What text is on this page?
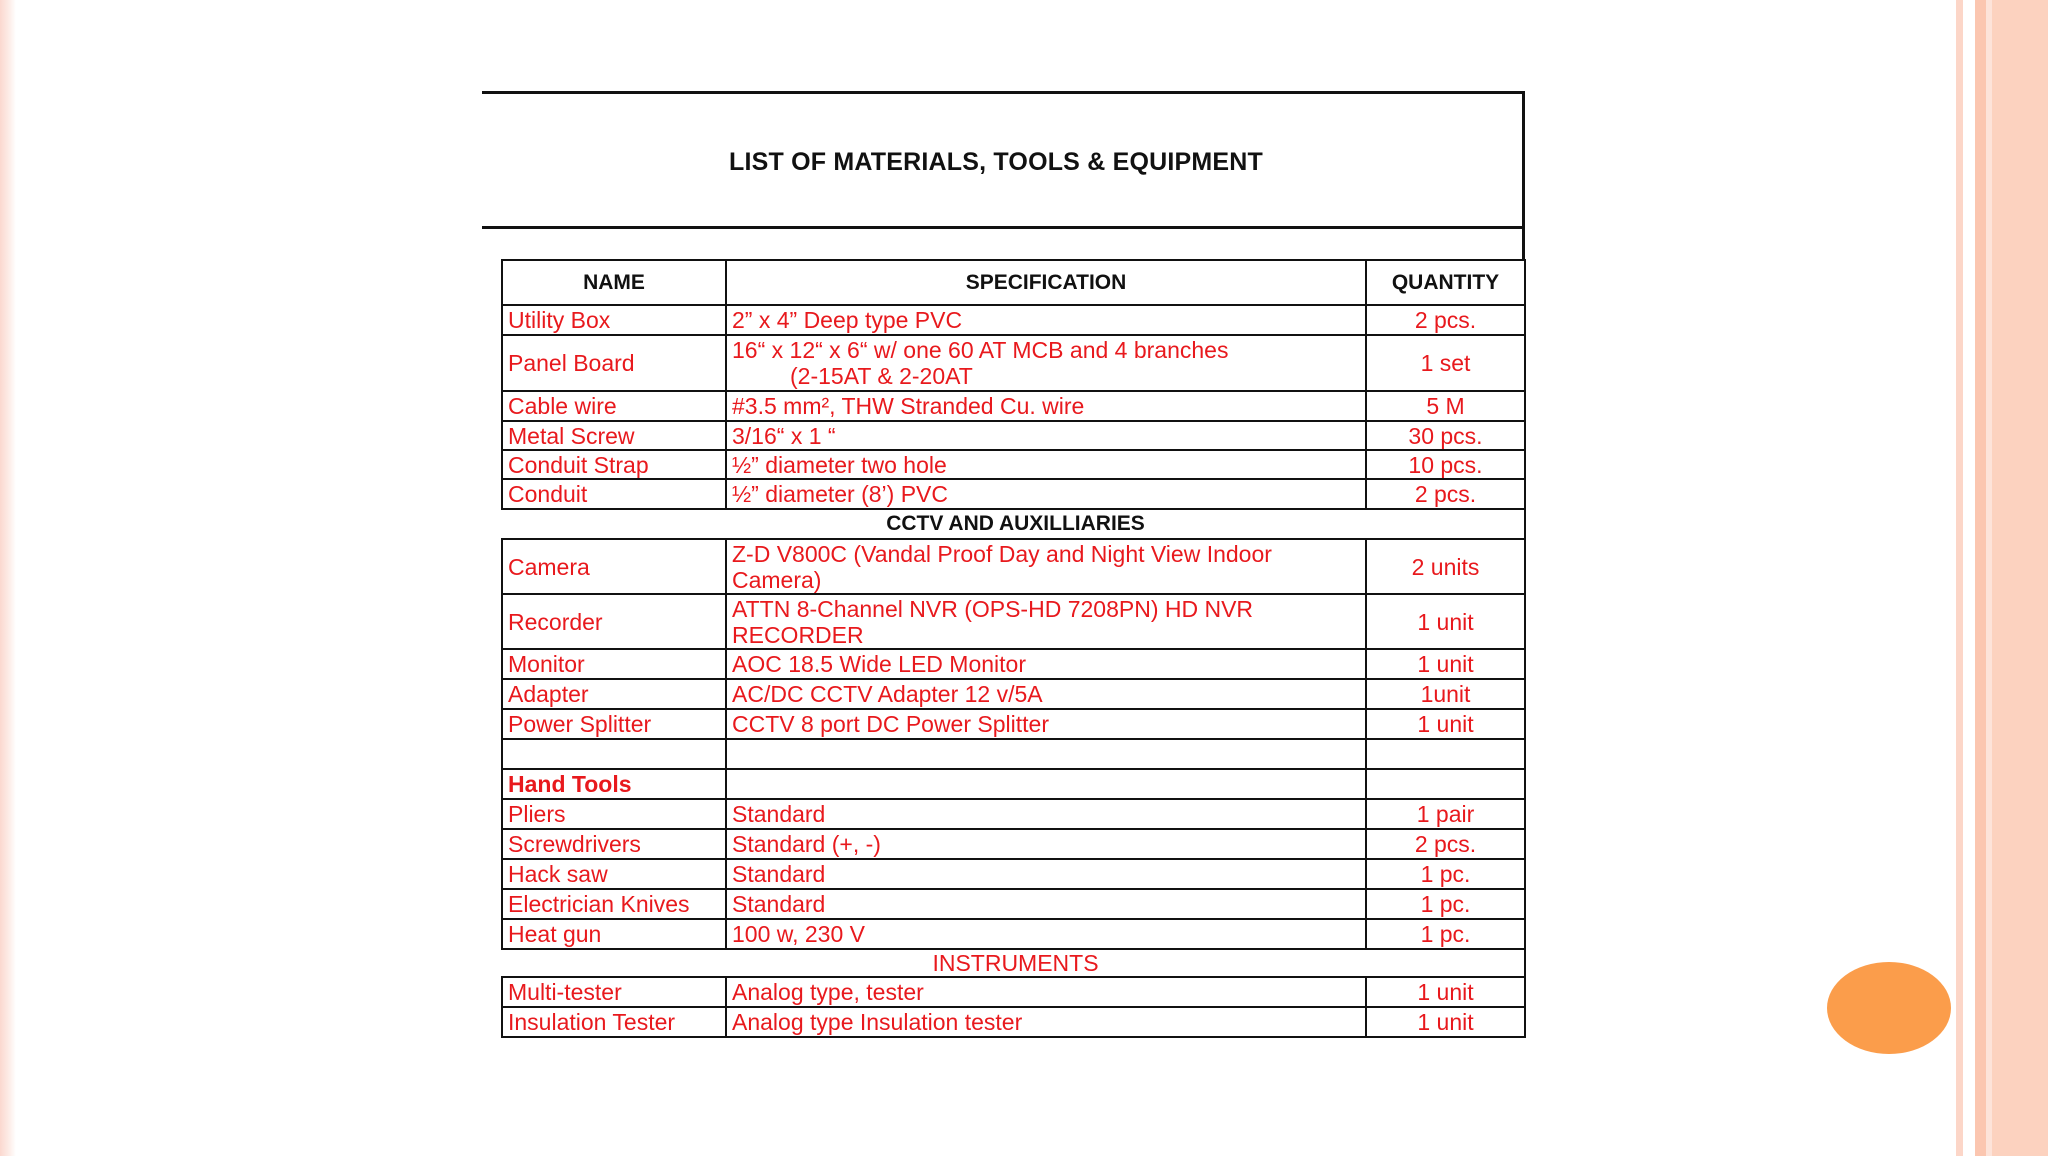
LIST OF MATERIALS, TOOLS & EQUIPMENT
	NAME	SPECIFICATION	QUANTITY
	Utility Box	2” x 4” Deep type PVC	2 pcs.
	Panel Board	16“ x 12“ x 6“ w/ one 60 AT MCB and 4 branches
(2-15AT & 2-20AT	1 set
	Cable wire	#3.5 mm², THW Stranded Cu. wire	5 M
	Metal Screw	3/16“ x 1 “	30 pcs.
	Conduit Strap	½” diameter two hole	10 pcs.
	Conduit	½” diameter (8’) PVC	2 pcs.
	CCTV AND AUXILLIARIES		
	Camera	Z-D V800C (Vandal Proof Day and Night View Indoor
Camera)	2 units
	Recorder	ATTN 8-Channel NVR (OPS-HD 7208PN) HD NVR
RECORDER	1 unit
	Monitor	AOC 18.5 Wide LED Monitor	1 unit
	Adapter	AC/DC CCTV Adapter 12 v/5A	1unit
	Power Splitter	CCTV 8 port DC Power Splitter	1 unit

	Hand Tools		
	Pliers	Standard	1 pair
	Screwdrivers	Standard (+, -)	2 pcs.
	Hack saw	Standard	1 pc.
	Electrician Knives	Standard	1 pc.
	Heat gun	100 w, 230 V	1 pc.
	INSTRUMENTS		
	Multi-tester	Analog type, tester	1 unit
	Insulation Tester	Analog type Insulation tester	1 unit
